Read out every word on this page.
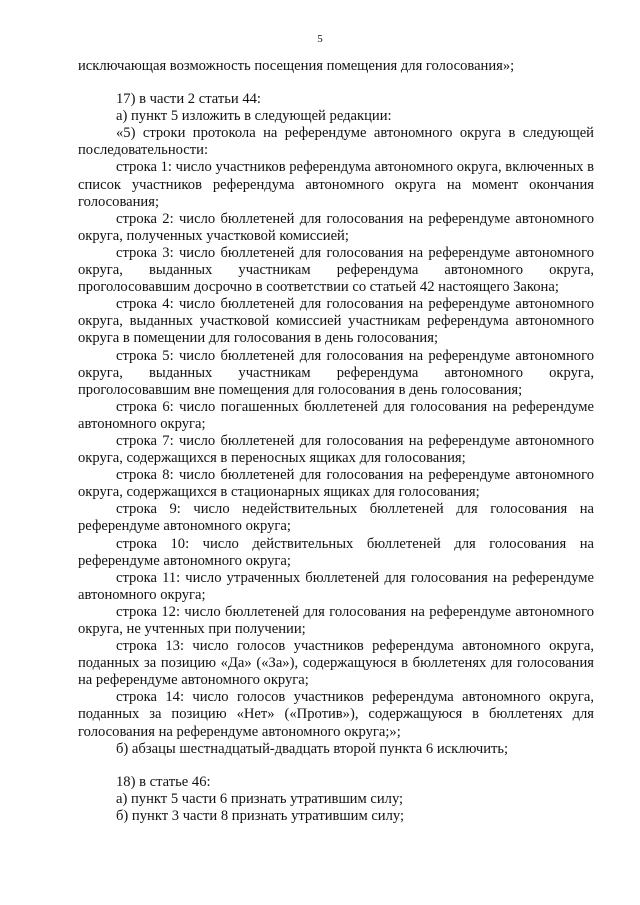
5

исключающая возможность посещения помещения для голосования»;

17) в части 2 статьи 44:

а) пункт 5 изложить в следующей редакции:

«5) строки протокола на референдуме автономного округа в следующей последовательности:

строка 1: число участников референдума автономного округа, включенных в список участников референдума автономного округа на момент окончания голосования;

строка 2: число бюллетеней для голосования на референдуме автономного округа, полученных участковой комиссией;

строка 3: число бюллетеней для голосования на референдуме автономного округа, выданных участникам референдума автономного округа, проголосовавшим досрочно в соответствии со статьей 42 настоящего Закона;

строка 4: число бюллетеней для голосования на референдуме автономного округа, выданных участковой комиссией участникам референдума автономного округа в помещении для голосования в день голосования;

строка 5: число бюллетеней для голосования на референдуме автономного округа, выданных участникам референдума автономного округа, проголосовавшим вне помещения для голосования в день голосования;

строка 6: число погашенных бюллетеней для голосования на референдуме автономного округа;

строка 7: число бюллетеней для голосования на референдуме автономного округа, содержащихся в переносных ящиках для голосования;

строка 8: число бюллетеней для голосования на референдуме автономного округа, содержащихся в стационарных ящиках для голосования;

строка 9: число недействительных бюллетеней для голосования на референдуме автономного округа;

строка 10: число действительных бюллетеней для голосования на референдуме автономного округа;

строка 11: число утраченных бюллетеней для голосования на референдуме автономного округа;

строка 12: число бюллетеней для голосования на референдуме автономного округа, не учтенных при получении;

строка 13: число голосов участников референдума автономного округа, поданных за позицию «Да» («За»), содержащуюся в бюллетенях для голосования на референдуме автономного округа;

строка 14: число голосов участников референдума автономного округа, поданных за позицию «Нет» («Против»), содержащуюся в бюллетенях для голосования на референдуме автономного округа;»;

б) абзацы шестнадцатый-двадцать второй пункта 6 исключить;

18) в статье 46:

а) пункт 5 части 6 признать утратившим силу;

б) пункт 3 части 8 признать утратившим силу;
